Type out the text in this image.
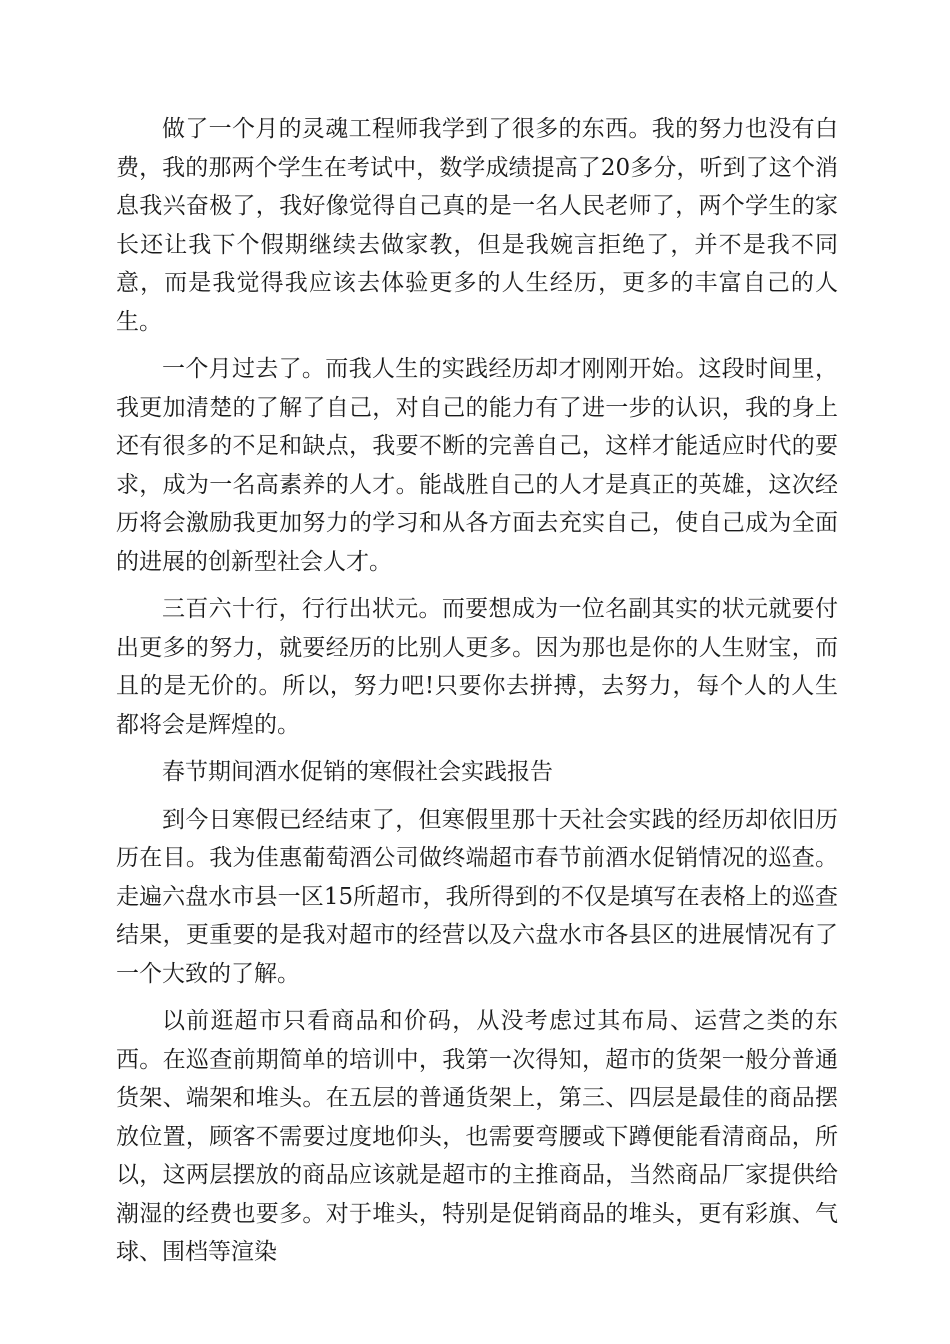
做了一个月的灵魂工程师我学到了很多的东西。我的努力也没有白费，我的那两个学生在考试中，数学成绩提高了20多分，听到了这个消息我兴奋极了，我好像觉得自己真的是一名人民老师了，两个学生的家长还让我下个假期继续去做家教，但是我婉言拒绝了，并不是我不同意，而是我觉得我应该去体验更多的人生经历，更多的丰富自己的人生。

一个月过去了。而我人生的实践经历却才刚刚开始。这段时间里，我更加清楚的了解了自己，对自己的能力有了进一步的认识，我的身上还有很多的不足和缺点，我要不断的完善自己，这样才能适应时代的要求，成为一名高素养的人才。能战胜自己的人才是真正的英雄，这次经历将会激励我更加努力的学习和从各方面去充实自己，使自己成为全面的进展的创新型社会人才。

三百六十行，行行出状元。而要想成为一位名副其实的状元就要付出更多的努力，就要经历的比别人更多。因为那也是你的人生财宝，而且的是无价的。所以，努力吧!只要你去拼搏，去努力，每个人的人生都将会是辉煌的。

春节期间酒水促销的寒假社会实践报告

到今日寒假已经结束了，但寒假里那十天社会实践的经历却依旧历历在目。我为佳惠葡萄酒公司做终端超市春节前酒水促销情况的巡查。走遍六盘水市县一区15所超市，我所得到的不仅是填写在表格上的巡查结果，更重要的是我对超市的经营以及六盘水市各县区的进展情况有了一个大致的了解。

以前逛超市只看商品和价码，从没考虑过其布局、运营之类的东西。在巡查前期简单的培训中，我第一次得知，超市的货架一般分普通货架、端架和堆头。在五层的普通货架上，第三、四层是最佳的商品摆放位置，顾客不需要过度地仰头，也需要弯腰或下蹲便能看清商品，所以，这两层摆放的商品应该就是超市的主推商品，当然商品厂家提供给潮湿的经费也要多。对于堆头，特别是促销商品的堆头，更有彩旗、气球、围档等渲染
